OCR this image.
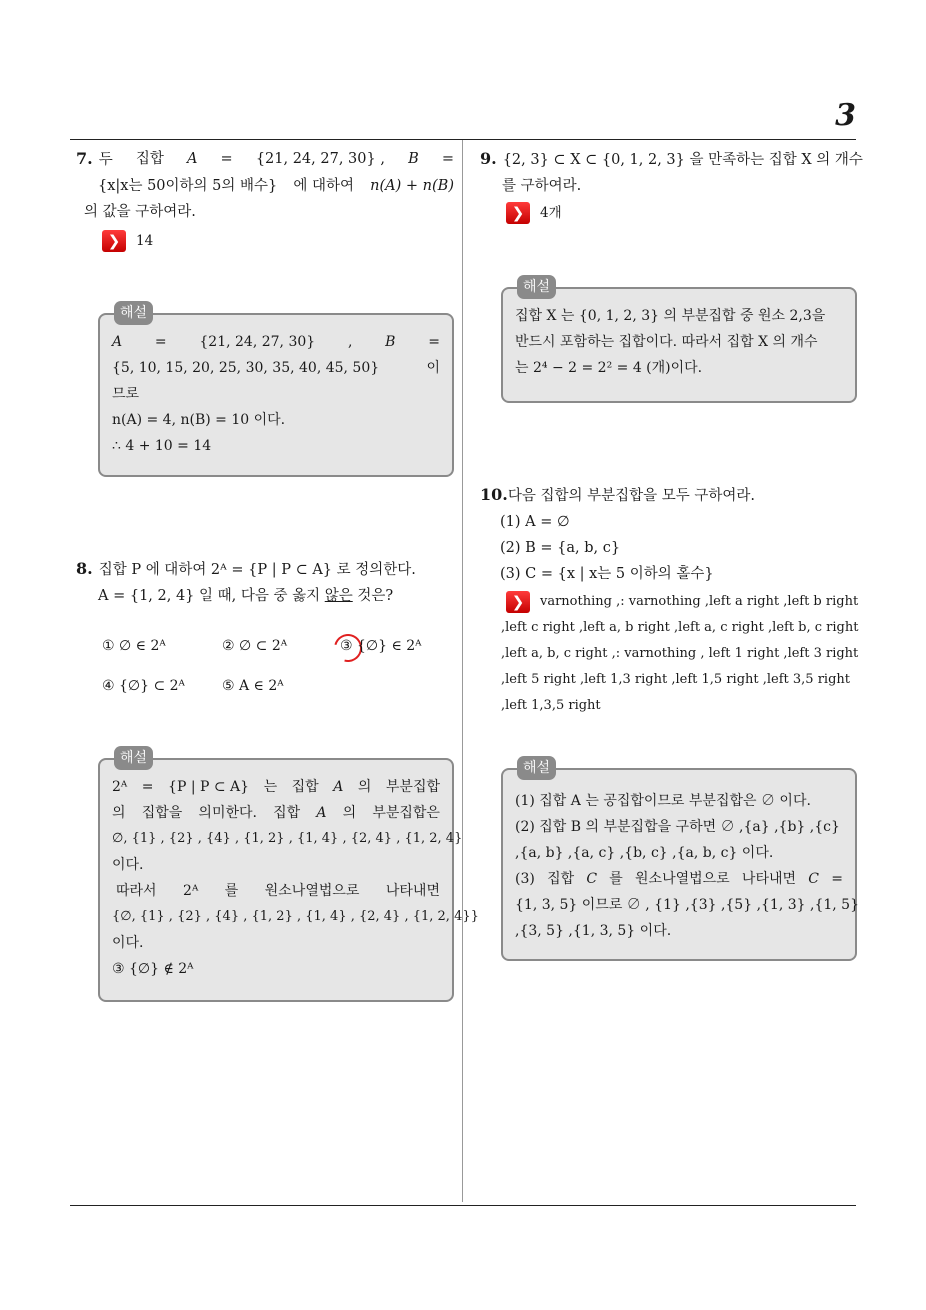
3
7. 두 집합 A = {21, 24, 27, 30} , B =
{x|x는 50이하의 5의 배수} 에 대하여 n(A) + n(B)
의 값을 구하여라.
❯	14
해설
A = {21, 24, 27, 30} , B =
{5, 10, 15, 20, 25, 30, 35, 40, 45, 50}	이
므로
n(A) = 4, n(B) = 10 이다.
∴ 4 + 10 = 14
8. 집합 P 에 대하여 2ᴬ = {P | P ⊂ A} 로 정의한다.
A = {1, 2, 4} 일 때, 다음 중 옳지 않은 것은?
① ∅ ∈ 2ᴬ	② ∅ ⊂ 2ᴬ	③ {∅} ∈ 2ᴬ
④ {∅} ⊂ 2ᴬ	⑤ A ∈ 2ᴬ
해설
2ᴬ = {P | P ⊂ A} 는 집합 A 의 부분집합
의 집합을 의미한다. 집합 A 의 부분집합은
∅, {1} , {2} , {4} , {1, 2} , {1, 4} , {2, 4} , {1, 2, 4}
이다.
따라서 2ᴬ 를 원소나열법으로 나타내면
{∅, {1} , {2} , {4} , {1, 2} , {1, 4} , {2, 4} , {1, 2, 4}}
이다.
③ {∅} ∉ 2ᴬ
9. {2, 3} ⊂ X ⊂ {0, 1, 2, 3} 을 만족하는 집합 X 의 개수
를 구하여라.
❯	4개
해설
집합 X 는 {0, 1, 2, 3} 의 부분집합 중 원소 2,3을
반드시 포함하는 집합이다. 따라서 집합 X 의 개수
는 2⁴ − 2 = 2² = 4 (개)이다.
10.다음 집합의 부분집합을 모두 구하여라.
(1) A = ∅
(2) B = {a, b, c}
(3) C = {x | x는 5 이하의 홀수}
❯	varnothing ,: varnothing ,left a right ,left b right
,left c right ,left a, b right ,left a, c right ,left b, c right
,left a, b, c right ,: varnothing , left 1 right ,left 3 right
,left 5 right ,left 1,3 right ,left 1,5 right ,left 3,5 right
,left 1,3,5 right
해설
(1) 집합 A 는 공집합이므로 부분집합은 ∅ 이다.
(2) 집합 B 의 부분집합을 구하면 ∅ ,{a} ,{b} ,{c}
,{a, b} ,{a, c} ,{b, c} ,{a, b, c} 이다.
(3) 집합 C 를 원소나열법으로 나타내면 C =
{1, 3, 5} 이므로 ∅ , {1} ,{3} ,{5} ,{1, 3} ,{1, 5}
,{3, 5} ,{1, 3, 5} 이다.
